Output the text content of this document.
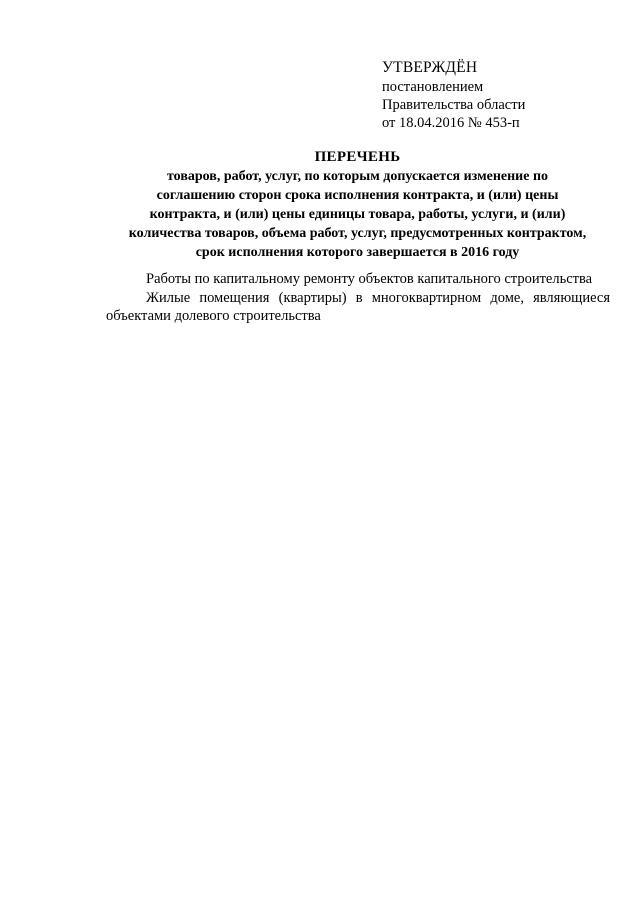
УТВЕРЖДЁН
постановлением
Правительства области
от 18.04.2016 № 453-п
ПЕРЕЧЕНЬ
товаров, работ, услуг, по которым допускается изменение по
соглашению сторон срока исполнения контракта, и (или) цены
контракта, и (или) цены единицы товара, работы, услуги, и (или)
количества товаров, объема работ, услуг, предусмотренных контрактом,
срок исполнения которого завершается в 2016 году

Работы по капитальному ремонту объектов капитального строительства

Жилые помещения (квартиры) в многоквартирном доме, являющиеся объектами долевого строительства
